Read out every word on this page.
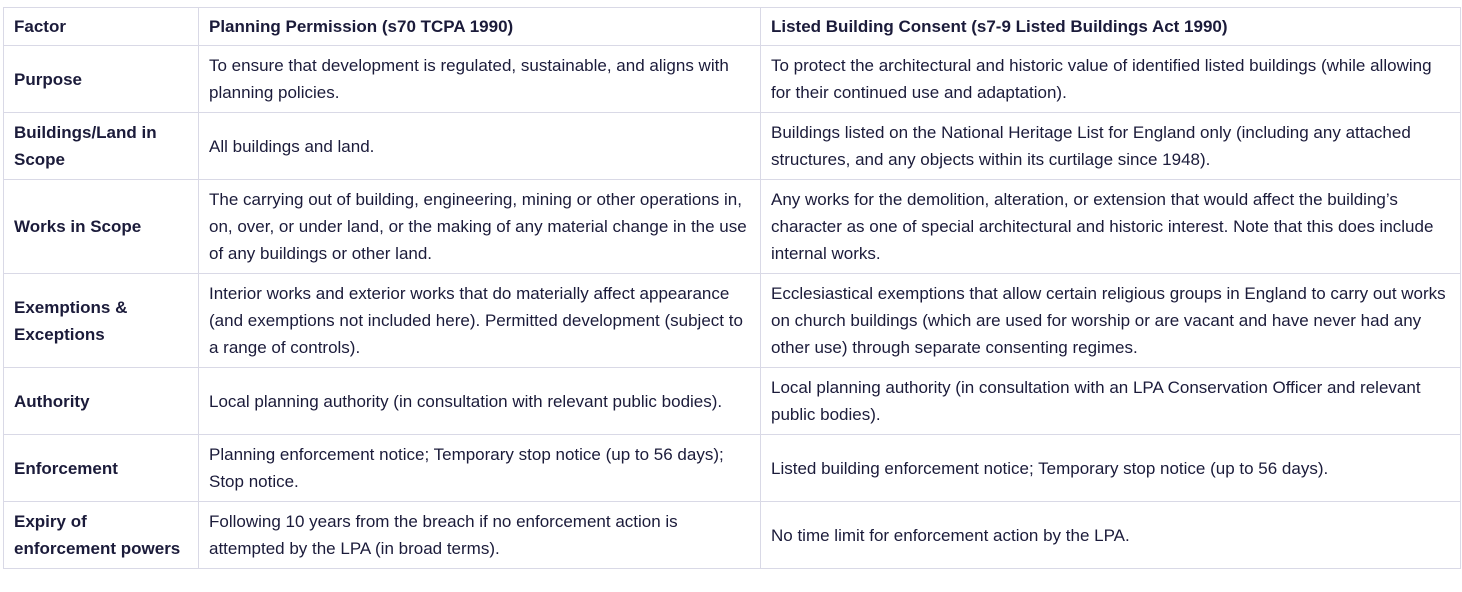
Factor	Planning Permission (s70 TCPA 1990)	Listed Building Consent (s7-9 Listed Buildings Act 1990)
Purpose	To ensure that development is regulated, sustainable, and aligns with planning policies.	To protect the architectural and historic value of identified listed buildings (while allowing for their continued use and adaptation).
Buildings/Land in Scope	All buildings and land.	Buildings listed on the National Heritage List for England only (including any attached structures, and any objects within its curtilage since 1948).
Works in Scope	The carrying out of building, engineering, mining or other operations in, on, over, or under land, or the making of any material change in the use of any buildings or other land.	Any works for the demolition, alteration, or extension that would affect the building’s character as one of special architectural and historic interest. Note that this does include internal works.
Exemptions & Exceptions	Interior works and exterior works that do materially affect appearance (and exemptions not included here). Permitted development (subject to a range of controls).	Ecclesiastical exemptions that allow certain religious groups in England to carry out works on church buildings (which are used for worship or are vacant and have never had any other use) through separate consenting regimes.
Authority	Local planning authority (in consultation with relevant public bodies).	Local planning authority (in consultation with an LPA Conservation Officer and relevant public bodies).
Enforcement	Planning enforcement notice; Temporary stop notice (up to 56 days); Stop notice.	Listed building enforcement notice; Temporary stop notice (up to 56 days).
Expiry of enforcement powers	Following 10 years from the breach if no enforcement action is attempted by the LPA (in broad terms).	No time limit for enforcement action by the LPA.
